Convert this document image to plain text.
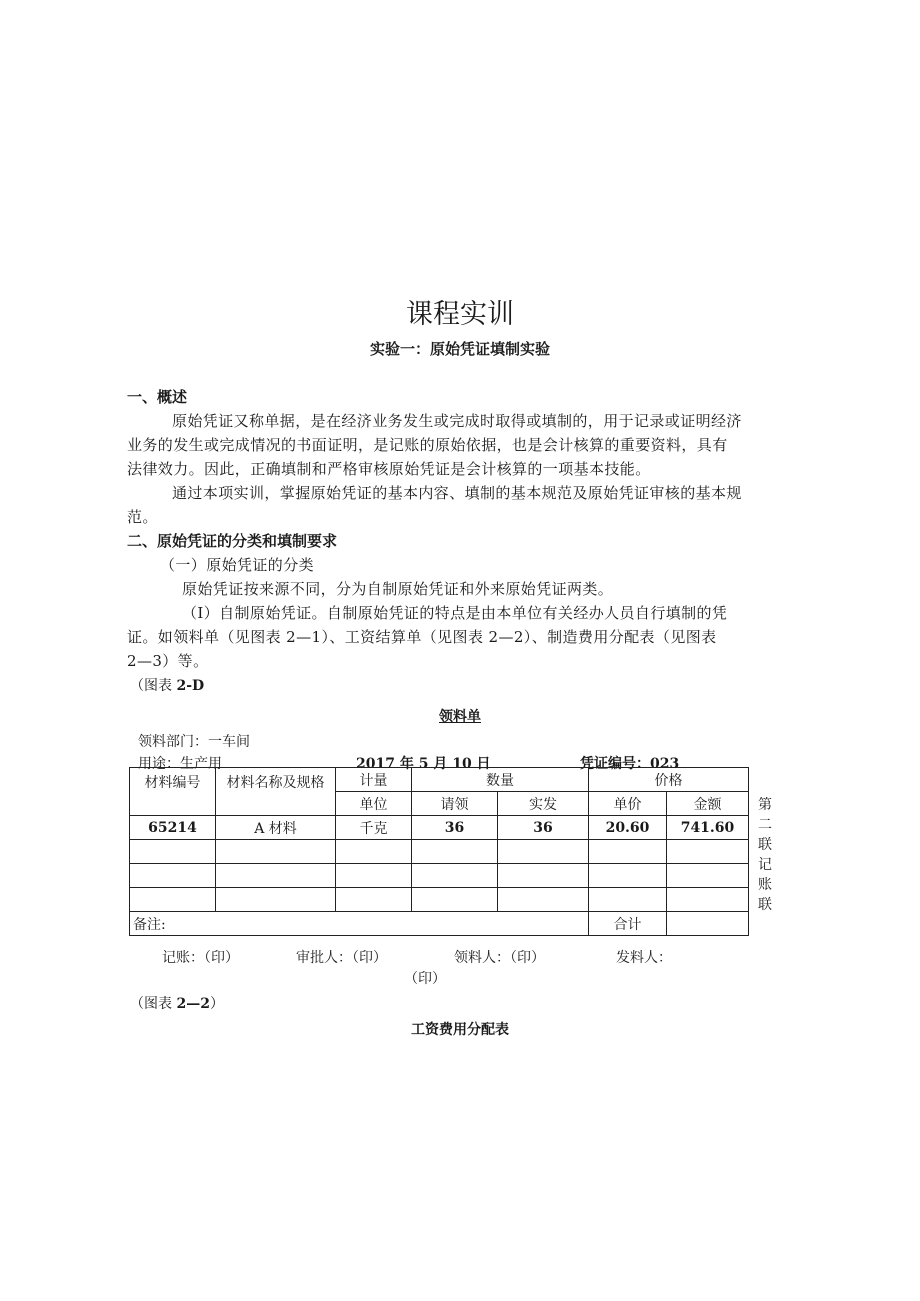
课程实训
实验一：原始凭证填制实验
一、概述
原始凭证又称单据，是在经济业务发生或完成时取得或填制的，用于记录或证明经济
业务的发生或完成情况的书面证明，是记账的原始依据，也是会计核算的重要资料，具有
法律效力。因此，正确填制和严格审核原始凭证是会计核算的一项基本技能。
通过本项实训，掌握原始凭证的基本内容、填制的基本规范及原始凭证审核的基本规
范。
二、原始凭证的分类和填制要求
（一）原始凭证的分类
原始凭证按来源不同，分为自制原始凭证和外来原始凭证两类。
（I）自制原始凭证。自制原始凭证的特点是由本单位有关经办人员自行填制的凭
证。如领料单（见图表 2—1）、工资结算单（见图表 2—2）、制造费用分配表（见图表
2—3）等。
（图表 2-D
领料单
领料部门：一车间
用途：生产用	2017 年 5 月 10 日	凭证编号：023
材料编号	材料名称及规格	计量	数量		价格	
		单位	请领	实发	单价	金额
65214	A 材料	千克	36	36	20.60	741.60

备注:					合计	
第二联记账联
记账：（印）	审批人：（印）	领料人：（印）	发料人：
（印）
（图表 2—2）
工资费用分配表
